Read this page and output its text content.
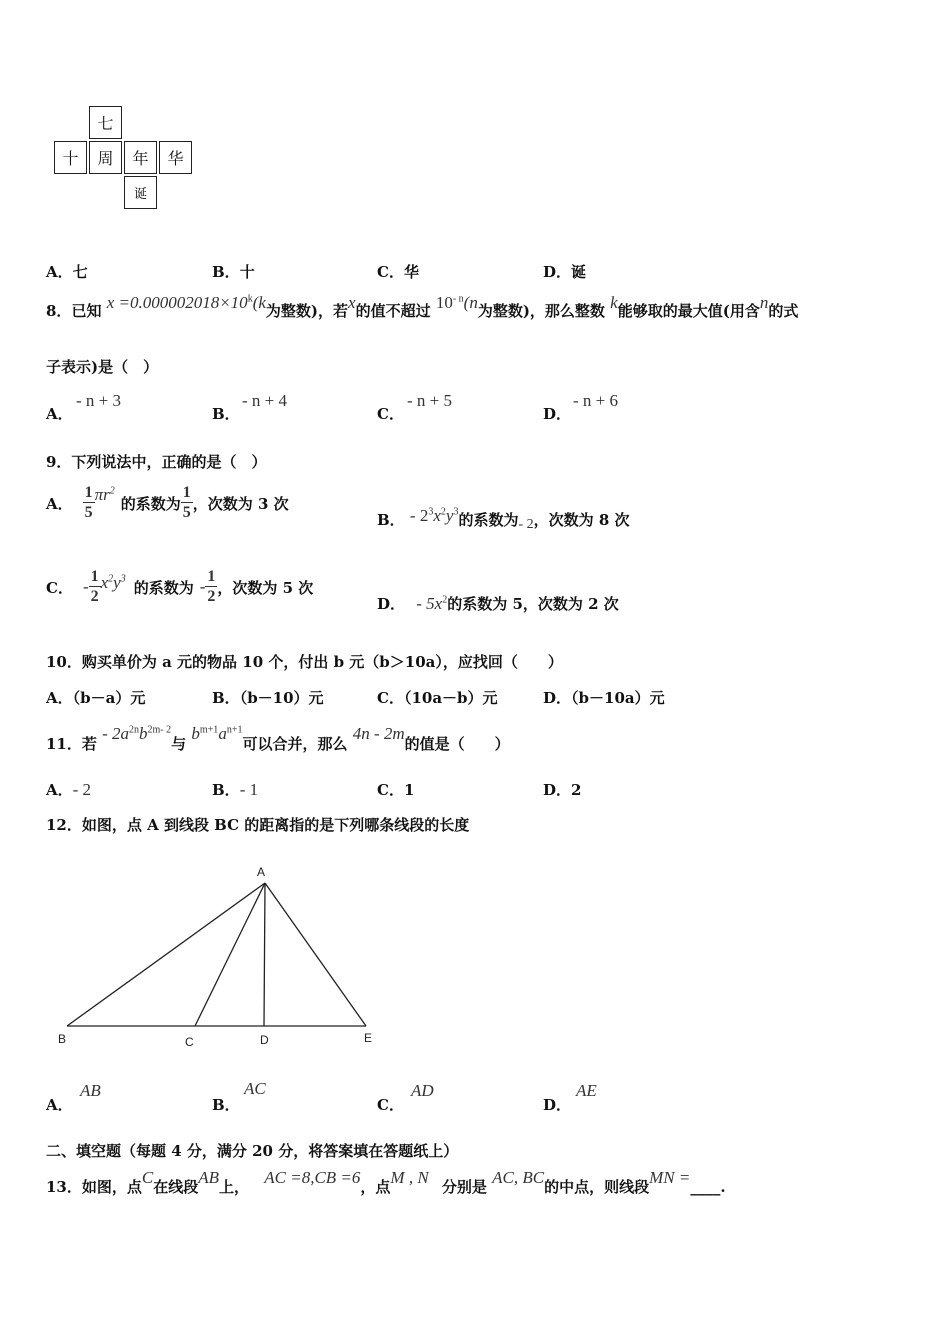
七
十	周	年	华
诞
A．七	B．十	C．华	D．诞
8．已知 $x =0.000002018\times 10^k(k$为整数)，若x的值不超过 $10^{- n}(n$为整数)，那么整数 k能够取的最大值(用含n的式
子表示)是（　）
A．
- n + 3
B．
- n + 4
C．
- n + 5
D．
- n + 6
9．下列说法中，正确的是（　）
A． $\frac{1}{5} \pi r^2$
的系数为 $\frac{1}{5}$ ，次数为 3 次
B． - $2^3x^2y^3$的系数为- 2，次数为 8 次
C． - $\frac{1}{2} x^2y^3$ 的系数为 - $\frac{1}{2}$ ，次数为 5 次
D． - $5x^2$的系数为 5，次数为 2 次
10．购买单价为 a 元的物品 10 个，付出 b 元（b＞10a），应找回（　　）
A．（b－a）元	B．（b－10）元	C．（10a－b）元	D．（b－10a）元
11．若 - $2a^{2n}b^{2m- 2}$与 $b^{m+1}a^{n+1}$可以合并，那么 4n - 2m的值是（　　）
A．- 2	B．- 1	C．1	D．2
12．如图，点 A 到线段 BC 的距离指的是下列哪条线段的长度
A
B	C	D	E
A．
AB
B．
AC
C．
AD
D．
AE
二、填空题（每题 4 分，满分 20 分，将答案填在答题纸上）
13．如图，点C在线段AB上， AC =8,CB =6，点M , N 分别是 AC, BC的中点，则线段MN =____.
